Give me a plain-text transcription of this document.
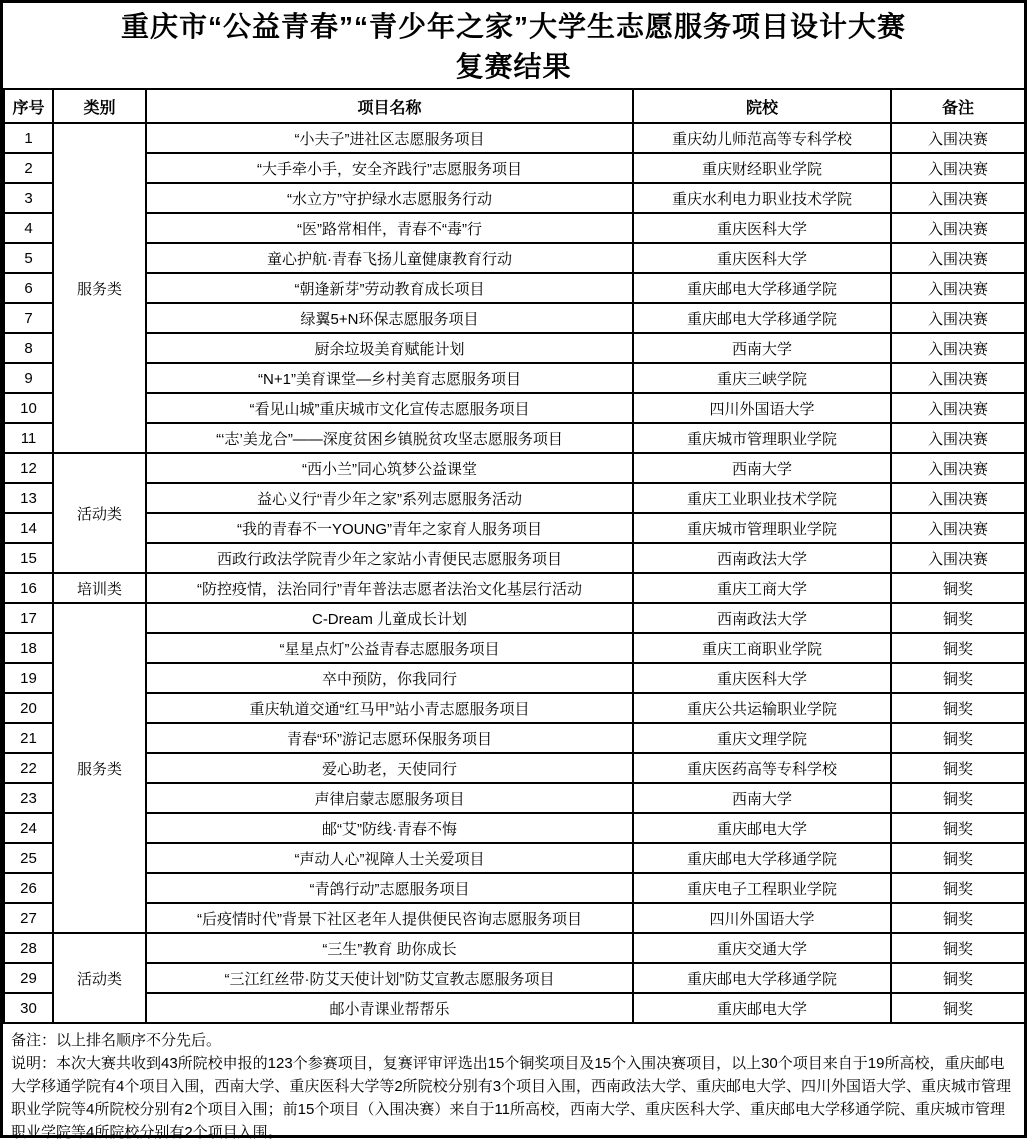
重庆市“公益青春”“青少年之家”大学生志愿服务项目设计大赛
复赛结果
序号	类别	项目名称	院校	备注
1	服务类	“小夫子”进社区志愿服务项目	重庆幼儿师范高等专科学校	入围决赛
2		“大手牵小手，安全齐践行”志愿服务项目	重庆财经职业学院	入围决赛
3		“水立方”守护绿水志愿服务行动	重庆水利电力职业技术学院	入围决赛
4		“医”路常相伴，青春不“毒”行	重庆医科大学	入围决赛
5		童心护航·青春飞扬儿童健康教育行动	重庆医科大学	入围决赛
6		“朝逢新芽”劳动教育成长项目	重庆邮电大学移通学院	入围决赛
7		绿翼5+N环保志愿服务项目	重庆邮电大学移通学院	入围决赛
8		厨余垃圾美育赋能计划	西南大学	入围决赛
9		“N+1”美育课堂—乡村美育志愿服务项目	重庆三峡学院	入围决赛
10		“看见山城”重庆城市文化宣传志愿服务项目	四川外国语大学	入围决赛
11		“‘志’美龙合”——深度贫困乡镇脱贫攻坚志愿服务项目	重庆城市管理职业学院	入围决赛
12	活动类	“西小兰”同心筑梦公益课堂	西南大学	入围决赛
13		益心义行“青少年之家”系列志愿服务活动	重庆工业职业技术学院	入围决赛
14		“我的青春不一YOUNG”青年之家育人服务项目	重庆城市管理职业学院	入围决赛
15		西政行政法学院青少年之家站小青便民志愿服务项目	西南政法大学	入围决赛
16	培训类	“防控疫情，法治同行”青年普法志愿者法治文化基层行活动	重庆工商大学	铜奖
17	服务类	C-Dream 儿童成长计划	西南政法大学	铜奖
18		“星星点灯”公益青春志愿服务项目	重庆工商职业学院	铜奖
19		卒中预防，你我同行	重庆医科大学	铜奖
20		重庆轨道交通“红马甲”站小青志愿服务项目	重庆公共运输职业学院	铜奖
21		青春“环”游记志愿环保服务项目	重庆文理学院	铜奖
22		爱心助老，天使同行	重庆医药高等专科学校	铜奖
23		声律启蒙志愿服务项目	西南大学	铜奖
24		邮“艾”防线·青春不悔	重庆邮电大学	铜奖
25		“声动人心”视障人士关爱项目	重庆邮电大学移通学院	铜奖
26		“青鸽行动”志愿服务项目	重庆电子工程职业学院	铜奖
27		“后疫情时代”背景下社区老年人提供便民咨询志愿服务项目	四川外国语大学	铜奖
28	活动类	“三生”教育 助你成长	重庆交通大学	铜奖
29		“三江红丝带·防艾天使计划”防艾宣教志愿服务项目	重庆邮电大学移通学院	铜奖
30		邮小青课业帮帮乐	重庆邮电大学	铜奖

备注：以上排名顺序不分先后。

说明：本次大赛共收到43所院校申报的123个参赛项目，复赛评审评选出15个铜奖项目及15个入围决赛项目，以上30个项目来自于19所高校，重庆邮电大学移通学院有4个项目入围，西南大学、重庆医科大学等2所院校分别有3个项目入围，西南政法大学、重庆邮电大学、四川外国语大学、重庆城市管理职业学院等4所院校分别有2个项目入围；前15个项目（入围决赛）来自于11所高校，西南大学、重庆医科大学、重庆邮电大学移通学院、重庆城市管理职业学院等4所院校分别有2个项目入围。
